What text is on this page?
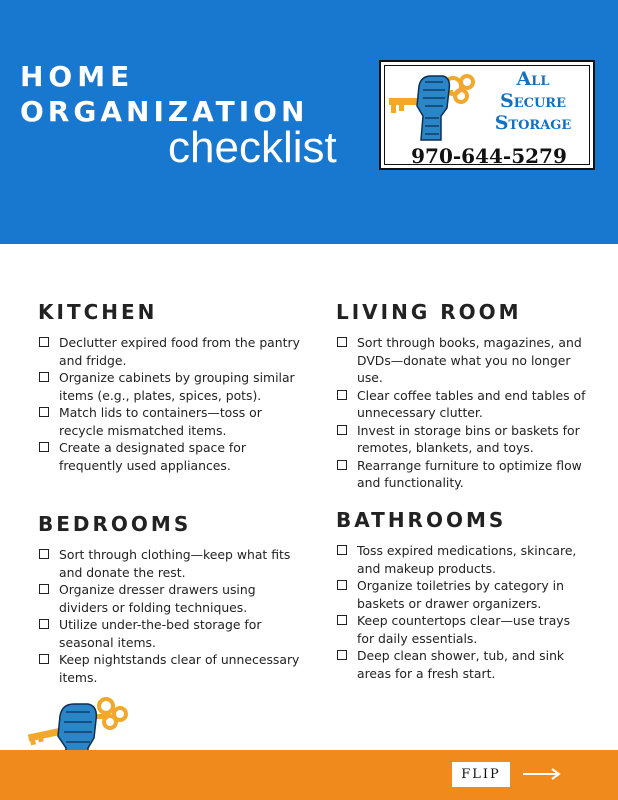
HOME
ORGANIZATION
checklist
All
Secure
Storage
970-644-5279
KITCHEN
Declutter expired food from the pantry and fridge.
Organize cabinets by grouping similar items (e.g., plates, spices, pots).
Match lids to containers—toss or recycle mismatched items.
Create a designated space for frequently used appliances.
LIVING ROOM
Sort through books, magazines, and DVDs—donate what you no longer use.
Clear coffee tables and end tables of unnecessary clutter.
Invest in storage bins or baskets for remotes, blankets, and toys.
Rearrange furniture to optimize flow and functionality.
BEDROOMS
Sort through clothing—keep what fits and donate the rest.
Organize dresser drawers using dividers or folding techniques.
Utilize under-the-bed storage for seasonal items.
Keep nightstands clear of unnecessary items.
BATHROOMS
Toss expired medications, skincare, and makeup products.
Organize toiletries by category in baskets or drawer organizers.
Keep countertops clear—use trays for daily essentials.
Deep clean shower, tub, and sink areas for a fresh start.
FLIP
